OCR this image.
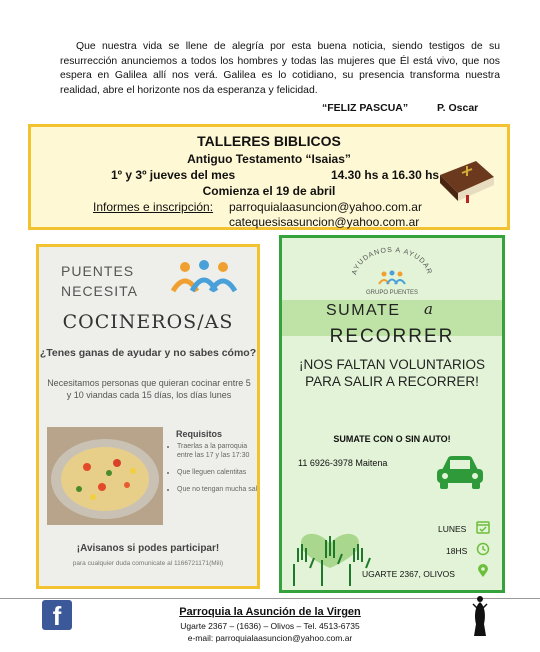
Que nuestra vida se llene de alegría por esta buena noticia, siendo testigos de su resurrección anunciemos a todos los hombres y todas las mujeres que Él está vivo, que nos espera en Galilea allí nos verá. Galilea es lo cotidiano, su presencia transforma nuestra realidad, abre el horizonte nos da esperanza y felicidad.

“FELIZ PASCUA”	P. Oscar
TALLERES BIBLICOS
Antiguo Testamento “Isaias”
1º y 3º jueves del mes	14.30 hs a 16.30 hs
Comienza el 19 de abril
Informes e inscripción: parroquialaasuncion@yahoo.com.ar
catequesisasuncion@yahoo.com.ar
PUENTES
NECESITA
COCINEROS/AS
¿Tenes ganas de ayudar y no sabes cómo?
Necesitamos personas que quieran cocinar entre 5 y 10 viandas cada 15 días, los días lunes
Requisitos
• Traerlas a la parroquia entre las 17 y las 17:30
• Que lleguen calentitas
• Que no tengan mucha sal
¡Avisanos si podes participar!
para cualquier duda comunicate al 1166721171(Mili)
AYUDANOS A AYUDAR
GRUPO PUENTES
SUMATE a
RECORRER
¡NOS FALTAN VOLUNTARIOS PARA SALIR A RECORRER!
SUMATE CON O SIN AUTO!
11 6926-3978 Maitena
LUNES
18HS
UGARTE 2367, OLIVOS
f	Parroquia la Asunción de la Virgen
Ugarte 2367 – (1636) – Olivos – Tel. 4513-6735
e-mail: parroquialaasuncion@yahoo.com.ar
